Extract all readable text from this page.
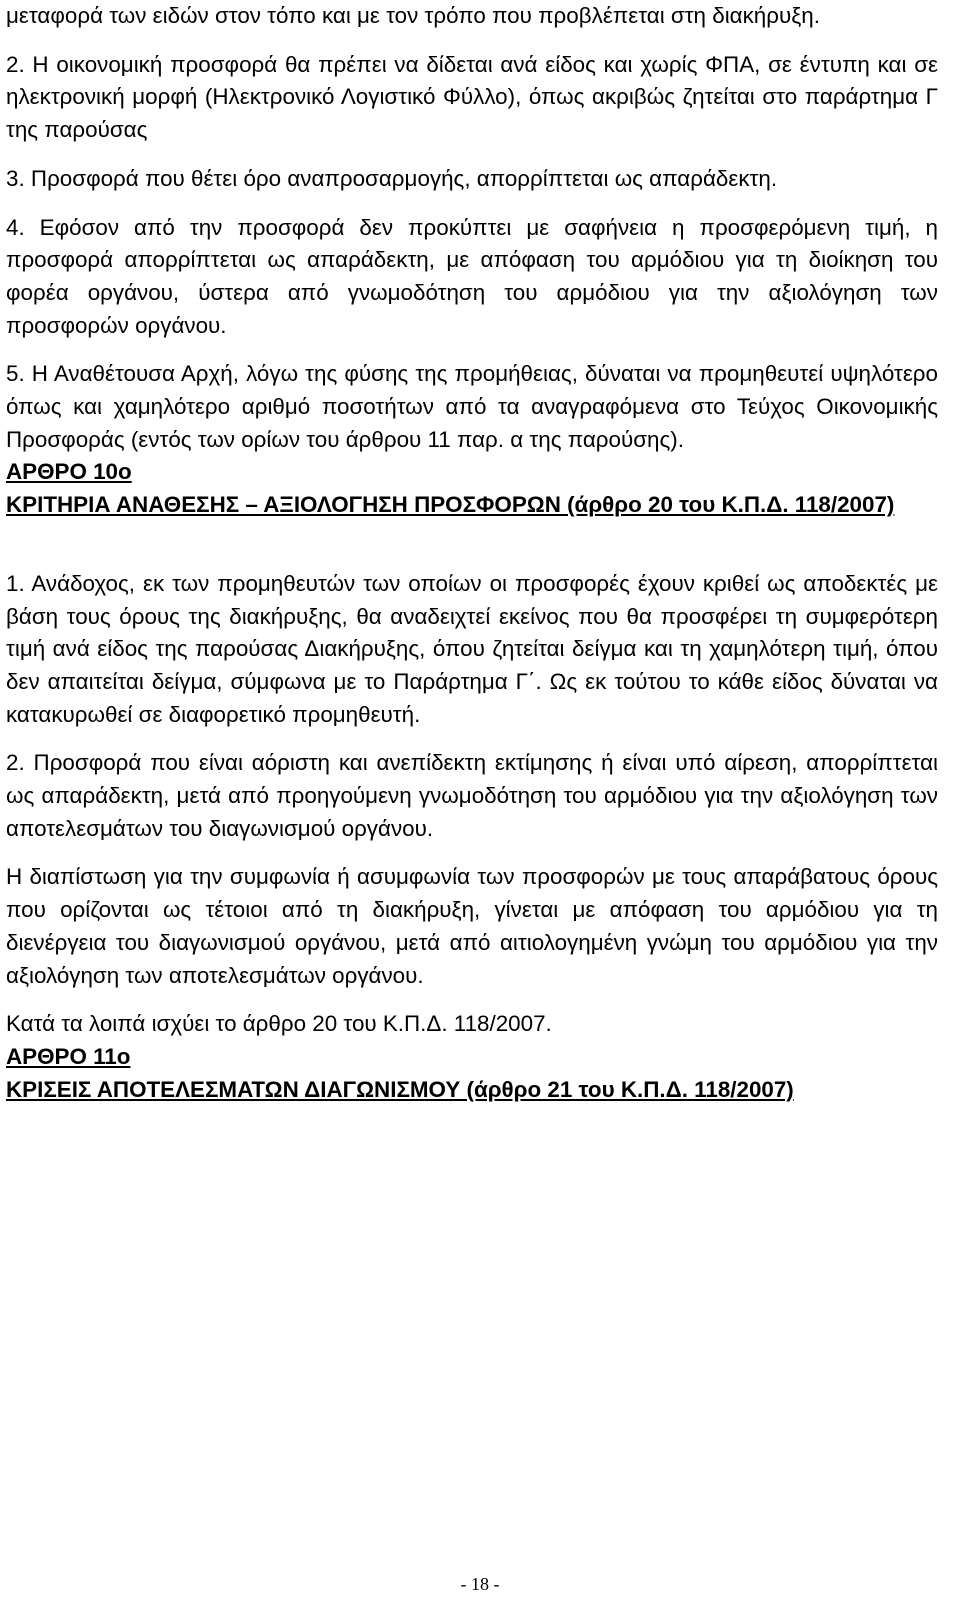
μεταφορά των ειδών στον τόπο και με τον τρόπο που προβλέπεται στη διακήρυξη.

2. Η οικονομική προσφορά θα πρέπει να δίδεται ανά είδος και χωρίς ΦΠΑ, σε έντυπη και σε ηλεκτρονική μορφή (Ηλεκτρονικό Λογιστικό Φύλλο), όπως ακριβώς ζητείται στο παράρτημα Γ της παρούσας

3. Προσφορά που θέτει όρο αναπροσαρμογής, απορρίπτεται ως απαράδεκτη.

4. Εφόσον από την προσφορά δεν προκύπτει με σαφήνεια η προσφερόμενη τιμή, η προσφορά απορρίπτεται ως απαράδεκτη, με απόφαση του αρμόδιου για τη διοίκηση του φορέα οργάνου, ύστερα από γνωμοδότηση του αρμόδιου για την αξιολόγηση των προσφορών οργάνου.

5. Η Αναθέτουσα Αρχή, λόγω της φύσης της προμήθειας, δύναται να προμηθευτεί υψηλότερο όπως και χαμηλότερο αριθμό ποσοτήτων από τα αναγραφόμενα στο Τεύχος Οικονομικής Προσφοράς (εντός των ορίων του άρθρου 11 παρ. α της παρούσης).

ΑΡΘΡΟ 10ο

ΚΡΙΤΗΡΙΑ ΑΝΑΘΕΣΗΣ – ΑΞΙΟΛΟΓΗΣΗ ΠΡΟΣΦΟΡΩΝ (άρθρο 20 του Κ.Π.Δ. 118/2007)

1. Ανάδοχος, εκ των προμηθευτών των οποίων οι προσφορές έχουν κριθεί ως αποδεκτές με βάση τους όρους της διακήρυξης, θα αναδειχτεί εκείνος που θα προσφέρει τη συμφερότερη τιμή ανά είδος της παρούσας Διακήρυξης, όπου ζητείται δείγμα και τη χαμηλότερη τιμή, όπου δεν απαιτείται δείγμα, σύμφωνα με το Παράρτημα Γ΄. Ως εκ τούτου το κάθε είδος δύναται να κατακυρωθεί σε διαφορετικό προμηθευτή.

2. Προσφορά που είναι αόριστη και ανεπίδεκτη εκτίμησης ή είναι υπό αίρεση, απορρίπτεται ως απαράδεκτη, μετά από προηγούμενη γνωμοδότηση του αρμόδιου για την αξιολόγηση των αποτελεσμάτων του διαγωνισμού οργάνου.

Η διαπίστωση για την συμφωνία ή ασυμφωνία των προσφορών με τους απαράβατους όρους που ορίζονται ως τέτοιοι από τη διακήρυξη, γίνεται με απόφαση του αρμόδιου για τη διενέργεια του διαγωνισμού οργάνου, μετά από αιτιολογημένη γνώμη του αρμόδιου για την αξιολόγηση των αποτελεσμάτων οργάνου.

Κατά τα λοιπά ισχύει το άρθρο 20 του Κ.Π.Δ. 118/2007.

ΑΡΘΡΟ 11ο

ΚΡΙΣΕΙΣ ΑΠΟΤΕΛΕΣΜΑΤΩΝ ΔΙΑΓΩΝΙΣΜΟΥ (άρθρο 21 του Κ.Π.Δ. 118/2007)

- 18 -
